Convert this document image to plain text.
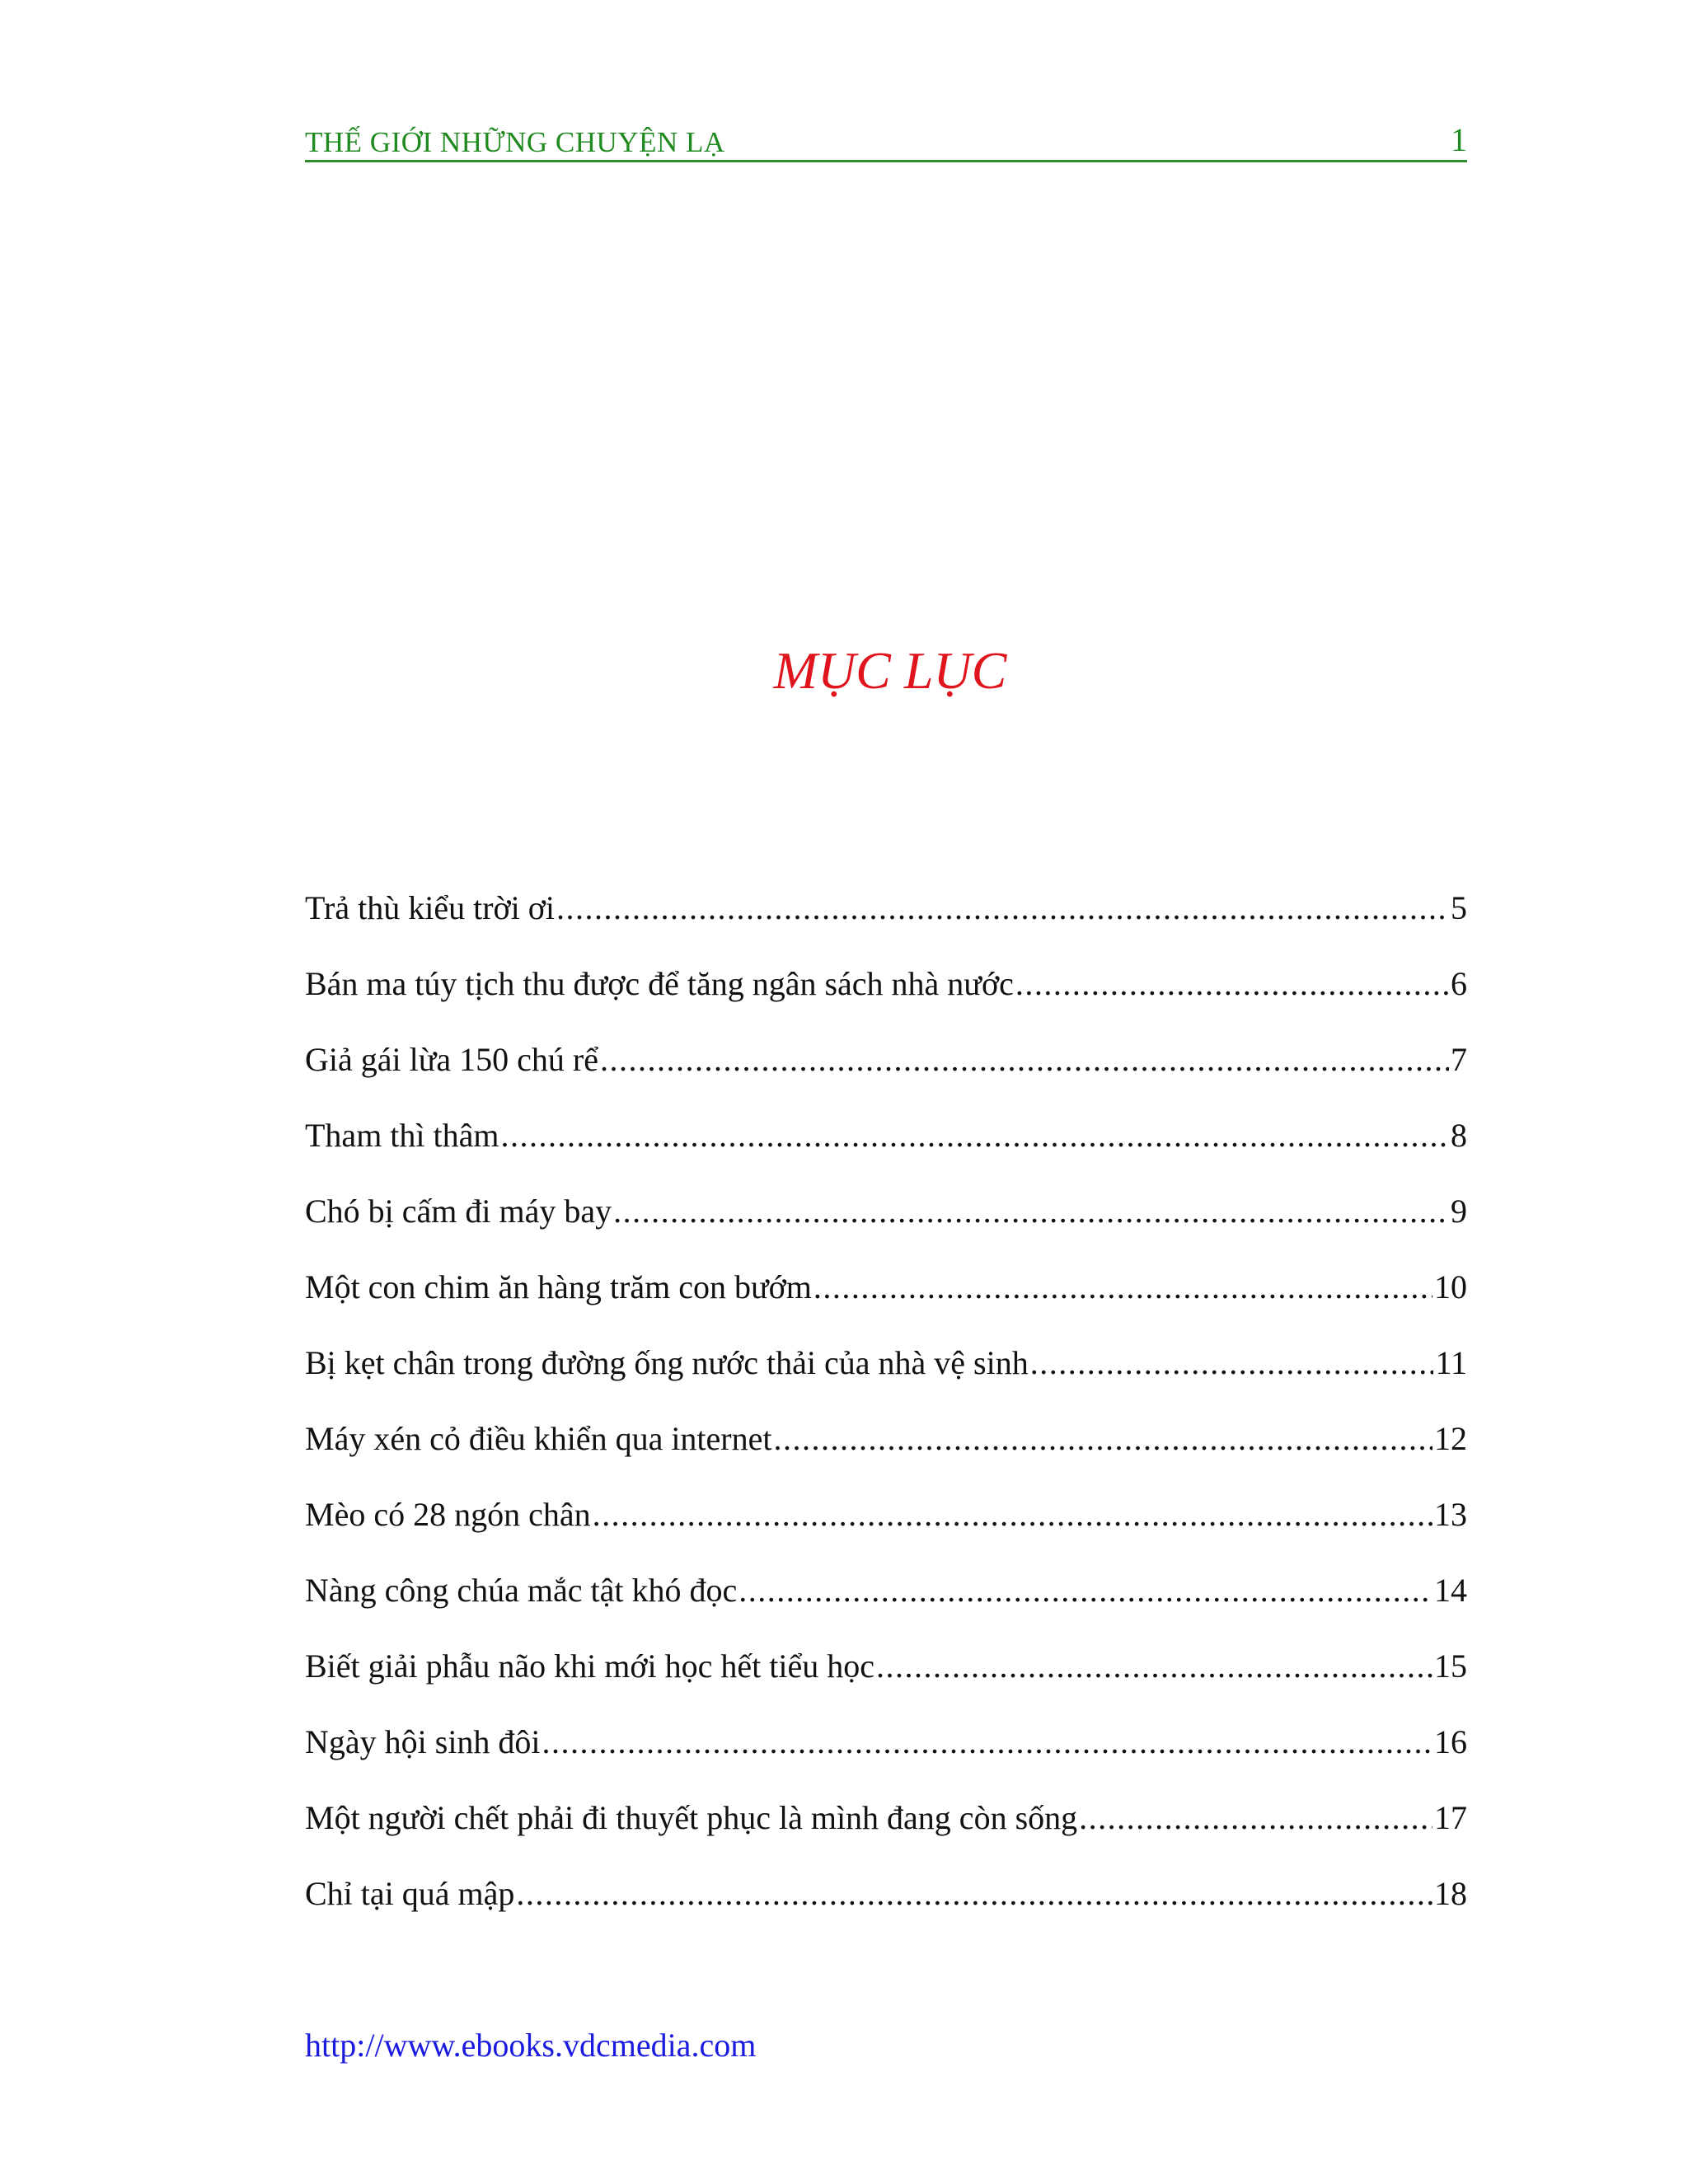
THẾ GIỚI NHỮNG CHUYỆN LẠ	1
MỤC LỤC
Trả thù kiểu trời ơi .....	5
Bán ma túy tịch thu được để tăng ngân sách nhà nước .....	6
Giả gái lừa 150 chú rể .....	7
Tham thì thâm .....	8
Chó bị cấm đi máy bay .....	9
Một con chim ăn hàng trăm con bướm .....	10
Bị kẹt chân trong đường ống nước thải của nhà vệ sinh .....	11
Máy xén cỏ điều khiển qua internet .....	12
Mèo có 28 ngón chân .....	13
Nàng công chúa mắc tật khó đọc .....	14
Biết giải phẫu não khi mới học hết tiểu học .....	15
Ngày hội sinh đôi .....	16
Một người chết phải đi thuyết phục là mình đang còn sống .....	17
Chỉ tại quá mập .....	18
http://www.ebooks.vdcmedia.com
